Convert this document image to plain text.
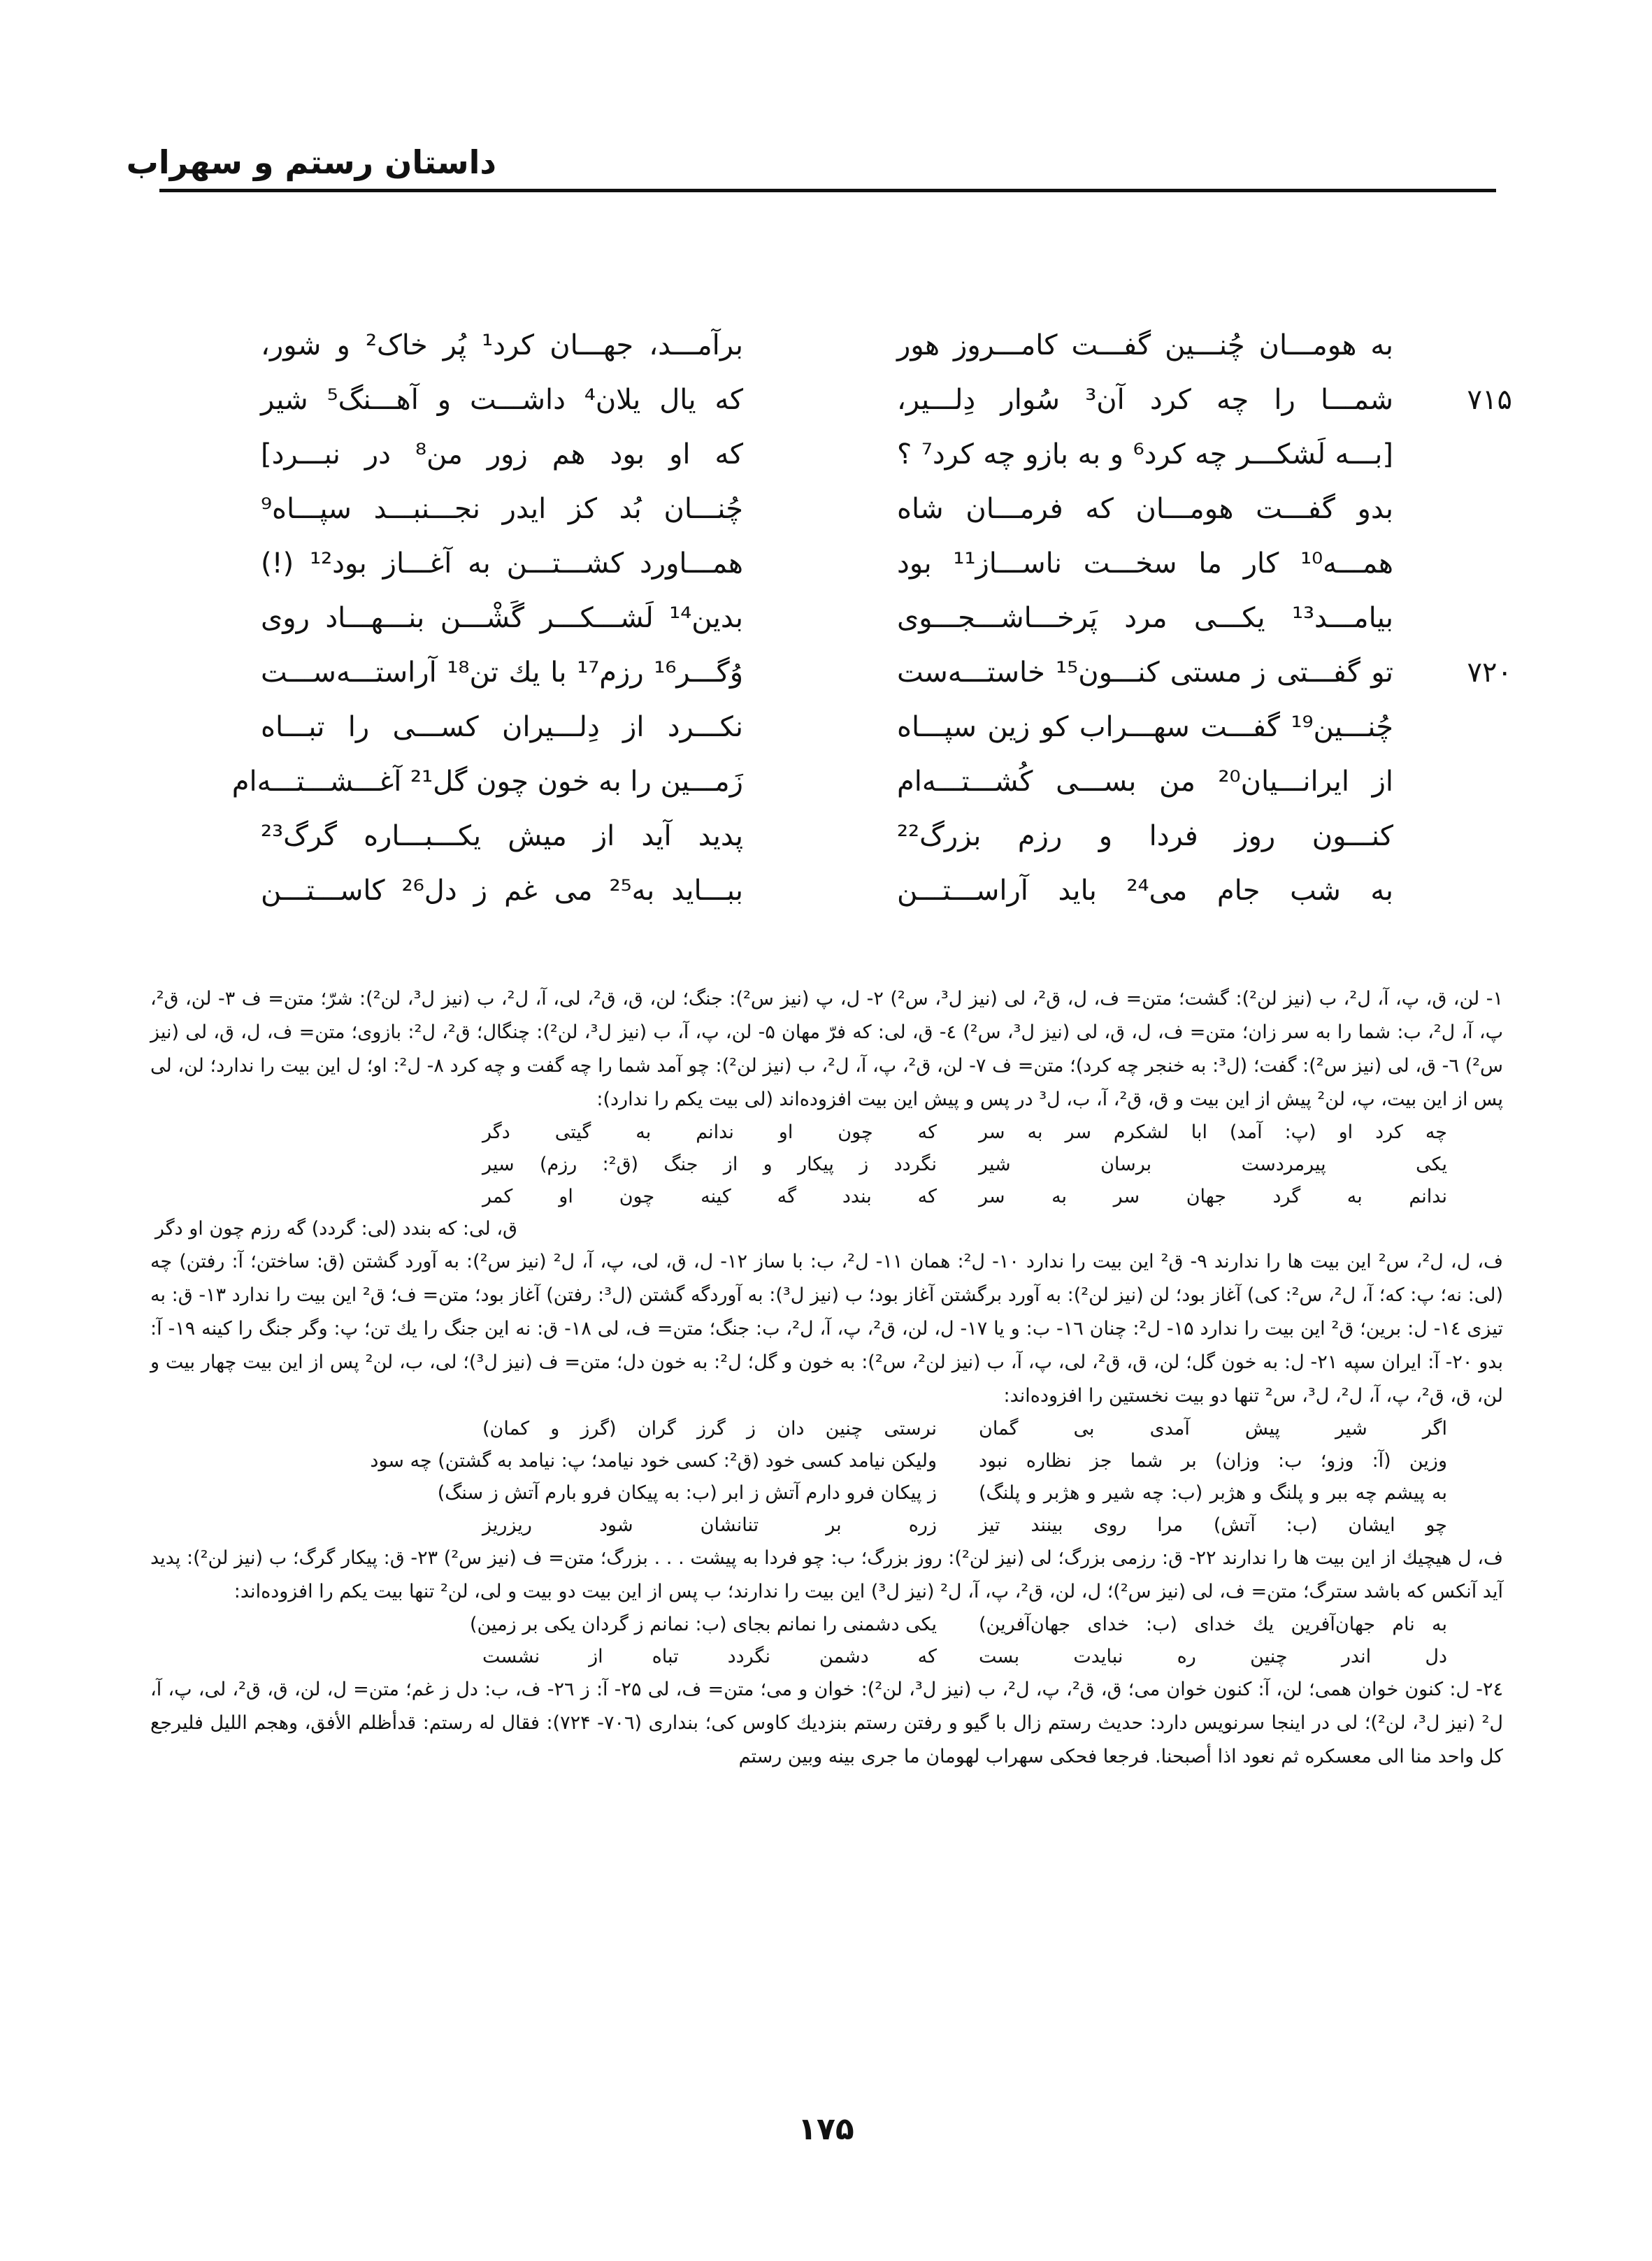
داستان رستم و سهراب
به هومـــان چُنـــین گفـــت کامـــروز هور
برآمـــد، جهـــان کرد¹ پُر خاک² و شور،
۷۱۵
شمـــا را چه کرد آن³ سُوار دِلـــیر،
که یال یلان⁴ داشـــت و آهـــنگ⁵ شیر
[بـــه لَشکـــر چه کرد⁶ و به بازو چه کرد⁷ ؟
که او بود هم زور من⁸ در نبـــرد]
بدو گفـــت هومـــان که فرمـــان شاه
چُنـــان بُد کز ایدر نجـــنبـــد سپـــاه⁹
همـــه¹⁰ کار ما سخـــت ناســـاز¹¹ بود
همـــاورد کشـــتـــن به آغـــاز بود¹² (!)
بیامـــد¹³ یکـــی مرد پَرخـــاشـــجـــوی
بدین¹⁴ لَشـــکـــر گَشْـــن بنـــهـــاد روی
۷۲۰
تو گفـــتی ز مستی کنـــون¹⁵ خاستـــه‌ست
وُگـــر¹⁶ رزم¹⁷ با یك تن¹⁸ آراستـــه‌ســـت
چُنـــین¹⁹ گفـــت سهـــراب کو زین سپـــاه
نکـــرد از دِلـــیران کســـی را تبـــاه
از ایرانـــیان²⁰ من بســـی کُشـــتـــه‌ام
زَمـــین را به خون چون گل²¹ آغـــشـــتـــه‌ام
کنـــون روز فردا و رزم بزرگ²²
پدید آید از میش یکـــبـــاره گرگ²³
به شب جام می²⁴ باید آراســـتـــن
ببـــاید به²⁵ می غم ز دل²⁶ کاســـتـــن

۱- لن، ق، پ، آ، ل²، ب (نیز لن²): گشت؛ متن= ف، ل، ق²، لی (نیز ل³، س²) ۲- ل، پ (نیز س²): جنگ؛ لن، ق، ق²، لی، آ، ل²، ب (نیز ل³، لن²): شرّ؛ متن= ف ۳- لن، ق²، پ، آ، ل²، ب: شما را به سر زان؛ متن= ف، ل، ق، لی (نیز ل³، س²) ٤- ق، لی: که فرّ مهان ۵- لن، پ، آ، ب (نیز ل³، لن²): چنگال؛ ق²، ل²: بازوی؛ متن= ف، ل، ق، لی (نیز س²) ٦- ق، لی (نیز س²): گفت؛ (ل³: به خنجر چه کرد)؛ متن= ف ۷- لن، ق²، پ، آ، ل²، ب (نیز لن²): چو آمد شما را چه گفت و چه کرد ۸- ل²: او؛ ل این بیت را ندارد؛ لن، لی پس از این بیت، پ، لن² پیش از این بیت و ق، ق²، آ، ب، ل³ در پس و پیش این بیت افزوده‌اند (لی بیت یکم را ندارد):

چه کرد او (پ: آمد) ابا لشکرم سر به سر
که چون او ندانم به گیتی دگر
یکی پیرمردست برسان شیر
نگردد ز پیکار و از جنگ (ق²: رزم) سیر
ندانم به گرد جهان سر به سر
که بندد گه کینه چون او کمر
ق، لی: که بندد (لی: گردد) گه رزم چون او دگر

ف، ل، ل²، س² این بیت ها را ندارند ۹- ق² این بیت را ندارد ۱۰- ل²: همان ۱۱- ل²، ب: با ساز ۱۲- ل، ق، لی، پ، آ، ل² (نیز س²): به آورد گشتن (ق: ساختن؛ آ: رفتن) چه (لی: نه؛ پ: که؛ آ، ل²، س²: کی) آغاز بود؛ لن (نیز لن²): به آورد برگشتن آغاز بود؛ ب (نیز ل³): به آوردگه گشتن (ل³: رفتن) آغاز بود؛ متن= ف؛ ق² این بیت را ندارد ۱۳- ق: به تیزی ۱٤- ل: برین؛ ق² این بیت را ندارد ۱۵- ل²: چنان ۱٦- ب: و یا ۱۷- ل، لن، ق²، پ، آ، ل²، ب: جنگ؛ متن= ف، لی ۱۸- ق: نه این جنگ را یك تن؛ پ: وگر جنگ را کینه ۱۹- آ: بدو ۲۰- آ: ایران سپه ۲۱- ل: به خون گل؛ لن، ق، ق²، لی، پ، آ، ب (نیز لن²، س²): به خون و گل؛ ل²: به خون دل؛ متن= ف (نیز ل³)؛ لی، ب، لن² پس از این بیت چهار بیت و لن، ق، ق²، پ، آ، ل²، ل³، س² تنها دو بیت نخستین را افزوده‌اند:

اگر شیر پیش آمدی بی گمان
نرستی چنین دان ز گرز گران (گرز و کمان)
وزین (آ: وزو؛ ب: وزان) بر شما جز نظاره نبود
ولیکن نیامد کسی خود (ق²: کسی خود نیامد؛ پ: نیامد به گشتن) چه سود
به پیشم چه ببر و پلنگ و هژبر (ب: چه شیر و هژبر و پلنگ)
ز پیکان فرو دارم آتش ز ابر (ب: به پیکان فرو بارم آتش ز سنگ)
چو ایشان (ب: آتش) مرا روی بینند تیز
زره بر تنانشان شود ریزریز

ف، ل هیچیك از این بیت ها را ندارند ۲۲- ق: رزمی بزرگ؛ لی (نیز لن²): روز بزرگ؛ ب: چو فردا به پیشت . . . بزرگ؛ متن= ف (نیز س²) ۲۳- ق: پیکار گرگ؛ ب (نیز لن²): پدید آید آنکس که باشد سترگ؛ متن= ف، لی (نیز س²)؛ ل، لن، ق²، پ، آ، ل² (نیز ل³) این بیت را ندارند؛ ب پس از این بیت دو بیت و لی، لن² تنها بیت یکم را افزوده‌اند:

به نام جهان‌آفرین یك خدای (ب: خدای جهان‌آفرین)
یکی دشمنی را نمانم بجای (ب: نمانم ز گردان یکی بر زمین)
دل اندر چنین ره نبایدت بست
که دشمن نگردد تباه از نشست

۲٤- ل: کنون خوان همی؛ لن، آ: کنون خوان می؛ ق، ق²، پ، ل²، ب (نیز ل³، لن²): خوان و می؛ متن= ف، لی ۲۵- آ: ز ۲٦- ف، ب: دل ز غم؛ متن= ل، لن، ق، ق²، لی، پ، آ، ل² (نیز ل³، لن²)؛ لی در اینجا سرنویس دارد: حدیث رستم زال با گیو و رفتن رستم بنزدیك کاوس کی؛ بنداری (۷۰٦- ۷۲۴): فقال له رستم: قدأظلم الأفق، وهجم اللیل فلیرجع کل واحد منا الی معسکره ثم نعود اذا أصبحنا. فرجعا فحکی سهراب لهومان ما جری بینه وبین رستم

۱۷۵
